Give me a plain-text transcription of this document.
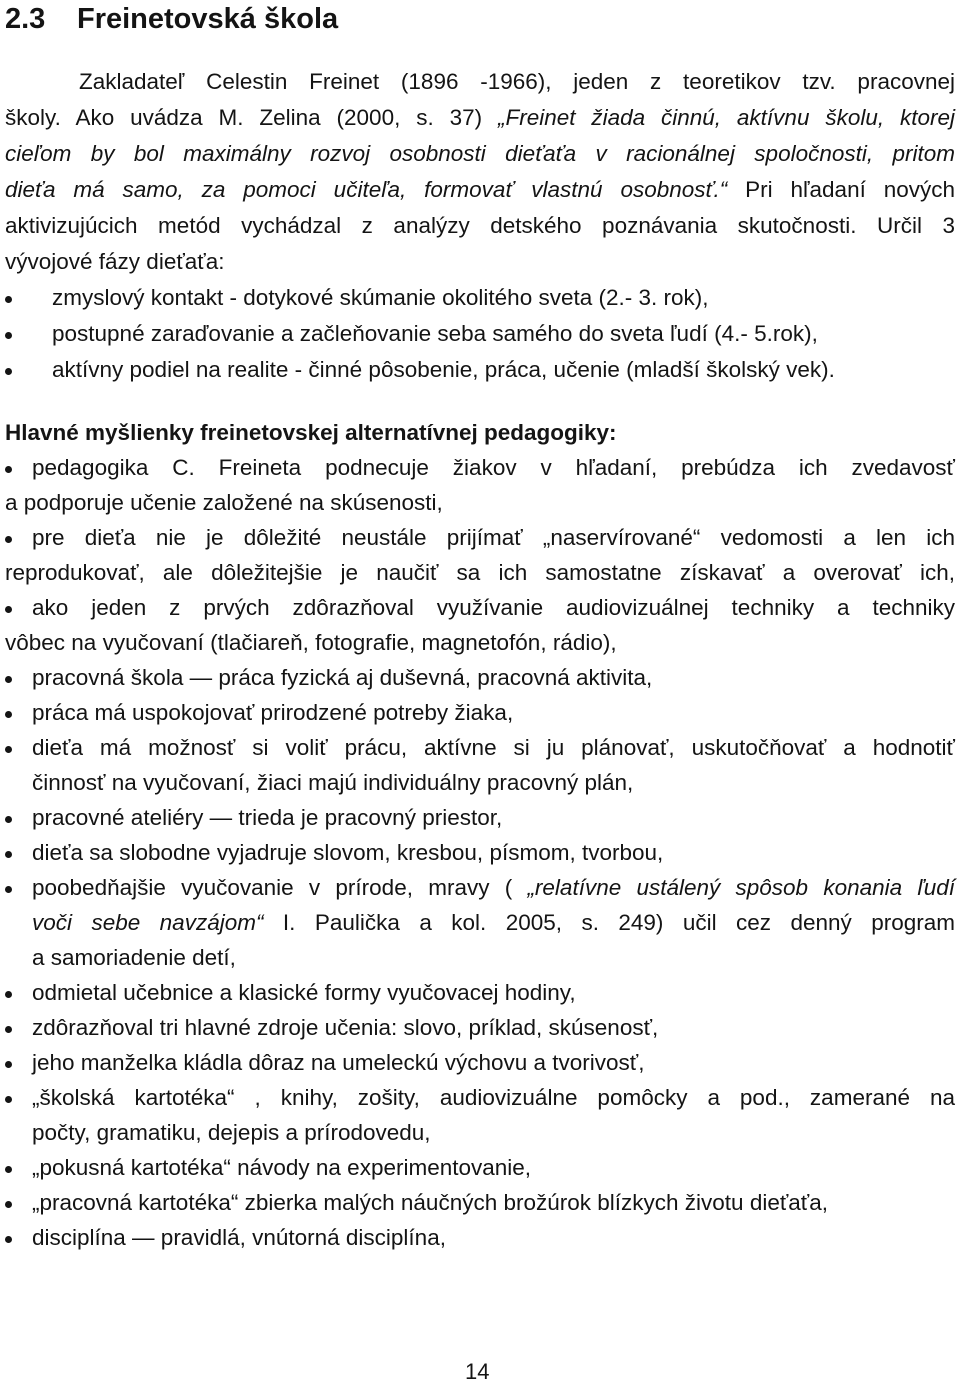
2.3 Freinetovská škola
Zakladateľ Celestin Freinet (1896 -1966), jeden z teoretikov tzv. pracovnej
školy. Ako uvádza M. Zelina (2000, s. 37) „Freinet žiada činnú, aktívnu školu, ktorej
cieľom by bol maximálny rozvoj osobnosti dieťaťa v racionálnej spoločnosti, pritom
dieťa má samo, za pomoci učiteľa, formovať vlastnú osobnosť.“ Pri hľadaní nových
aktivizujúcich metód vychádzal z analýzy detského poznávania skutočnosti. Určil 3
vývojové fázy dieťaťa:
zmyslový kontakt - dotykové skúmanie okolitého sveta (2.- 3. rok),
postupné zaraďovanie a začleňovanie seba samého do sveta ľudí (4.- 5.rok),
aktívny podiel na realite - činné pôsobenie, práca, učenie (mladší školský vek).
Hlavné myšlienky freinetovskej alternatívnej pedagogiky:
pedagogika C. Freineta podnecuje žiakov v hľadaní, prebúdza ich zvedavosť
a podporuje učenie založené na skúsenosti,
pre dieťa nie je dôležité neustále prijímať „naservírované“ vedomosti a len ich
reprodukovať, ale dôležitejšie je naučiť sa ich samostatne získavať a overovať ich,
ako jeden z prvých zdôrazňoval využívanie audiovizuálnej techniky a techniky
vôbec na vyučovaní (tlačiareň, fotografie, magnetofón, rádio),
pracovná škola — práca fyzická aj duševná, pracovná aktivita,
práca má uspokojovať prirodzené potreby žiaka,
dieťa má možnosť si voliť prácu, aktívne si ju plánovať, uskutočňovať a hodnotiť
činnosť na vyučovaní, žiaci majú individuálny pracovný plán,
pracovné ateliéry — trieda je pracovný priestor,
dieťa sa slobodne vyjadruje slovom, kresbou, písmom, tvorbou,
poobedňajšie vyučovanie v prírode, mravy ( „relatívne ustálený spôsob konania ľudí
voči sebe navzájom“ I. Paulička a kol. 2005, s. 249) učil cez denný program
a samoriadenie detí,
odmietal učebnice a klasické formy vyučovacej hodiny,
zdôrazňoval tri hlavné zdroje učenia: slovo, príklad, skúsenosť,
jeho manželka kládla dôraz na umeleckú výchovu a tvorivosť,
„školská kartotéka“ , knihy, zošity, audiovizuálne pomôcky a pod., zamerané na
počty, gramatiku, dejepis a prírodovedu,
„pokusná kartotéka“ návody na experimentovanie,
„pracovná kartotéka“ zbierka malých náučných brožúrok blízkych životu dieťaťa,
disciplína — pravidlá, vnútorná disciplína,
14
